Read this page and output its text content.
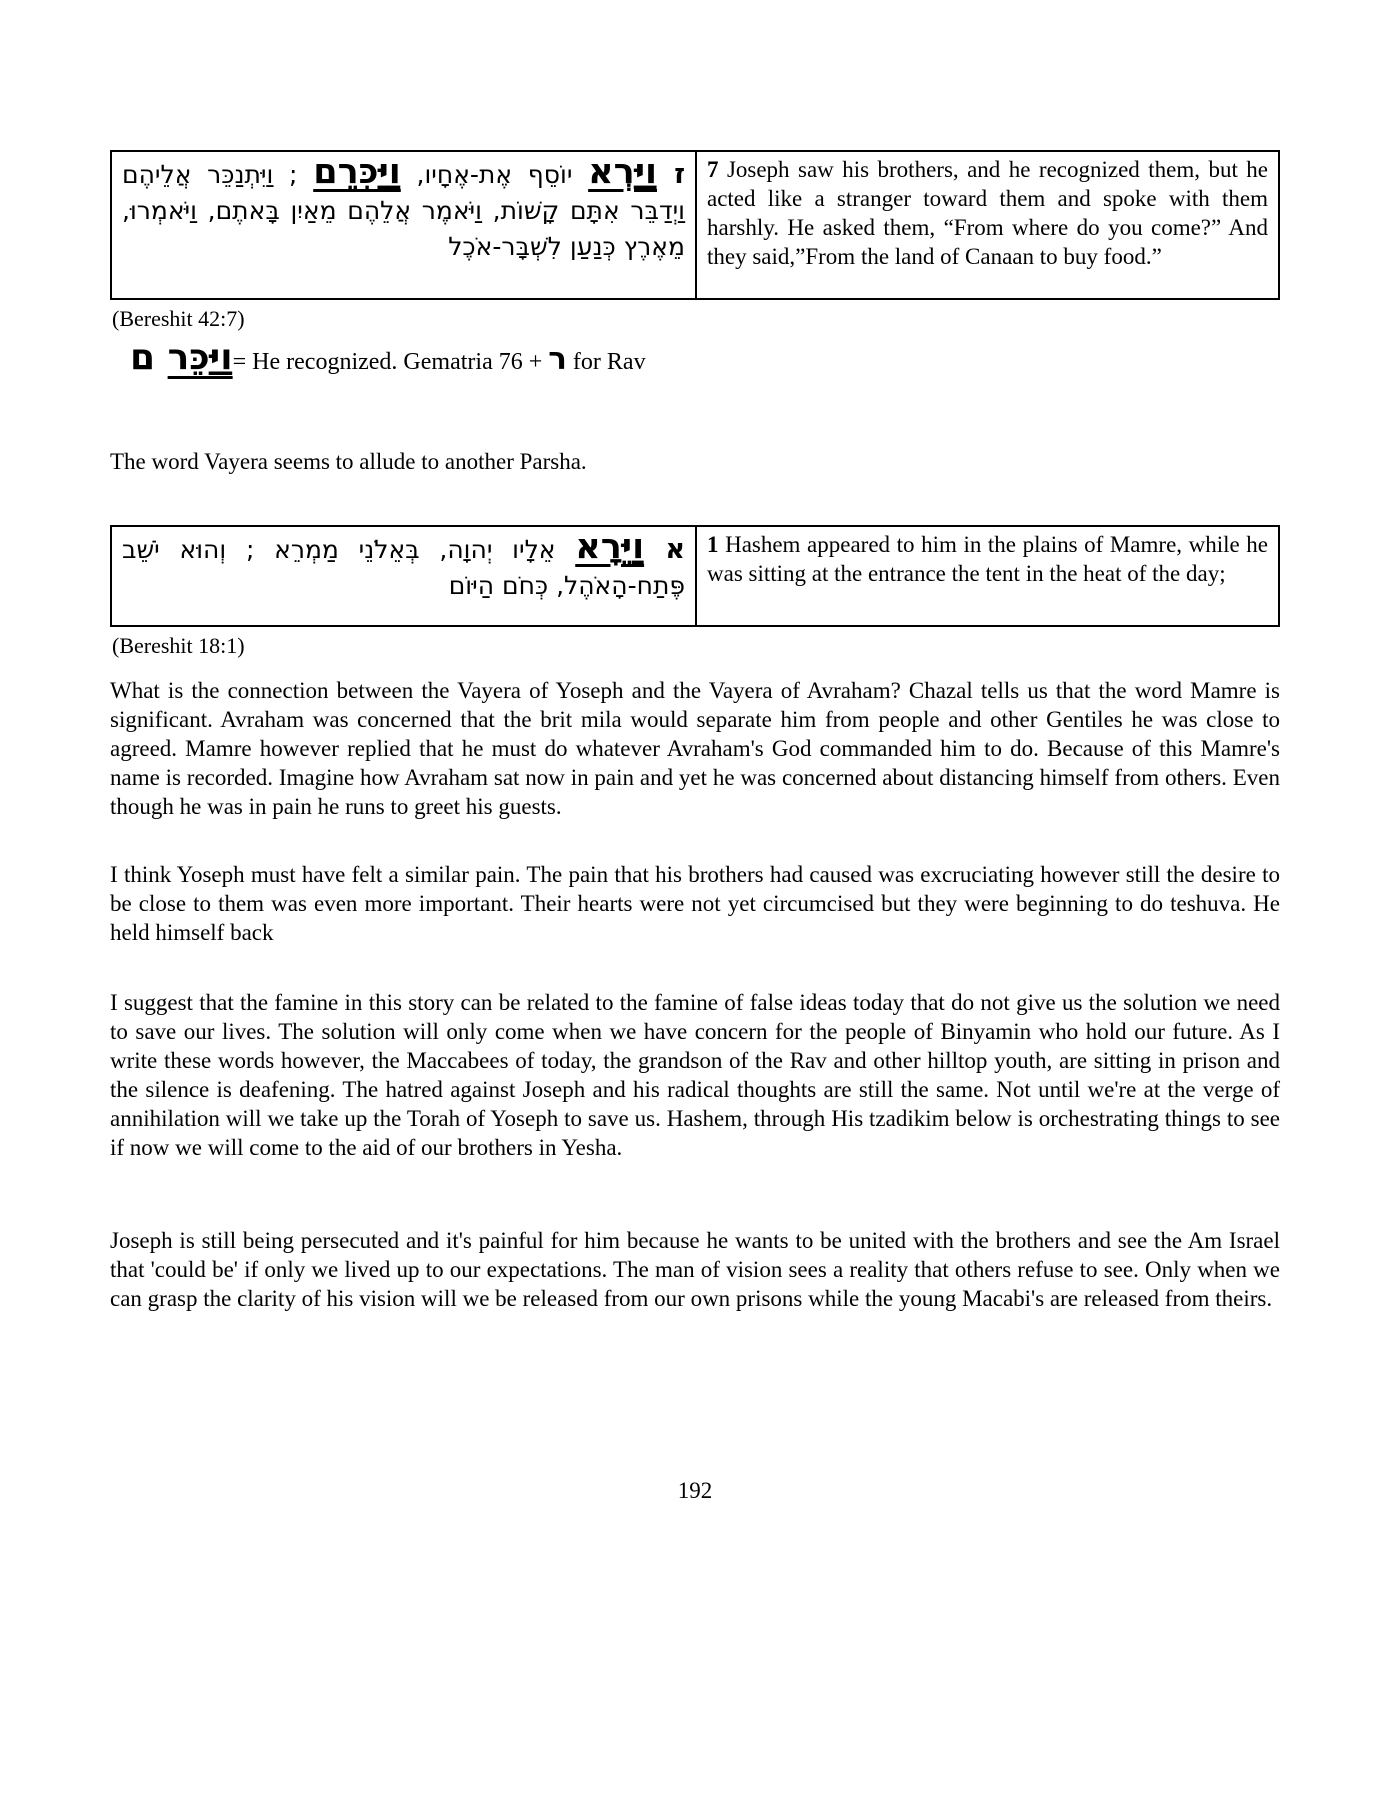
ז וַיַּרְא יוֹסֵף אֶת-אֶחָיו, וַיַּכִּרֵם ; וַיִּתְנַכֵּר אֲלֵיהֶם וַיְדַבֵּר אִתָּם קָשׁוֹת, וַיֹּאמֶר אֲלֵהֶם מֵאַיִן בָּאתֶם, וַיֹּאמְרוּ, מֵאֶרֶץ כְּנַעַן לִשְׁבָּר-אֹכֶל
7 Joseph saw his brothers, and he recognized them, but he acted like a stranger toward them and spoke with them harshly. He asked them, “From where do you come?” And they said,”From the land of Canaan to buy food.”
(Bereshit 42:7)
וַיַּכֵּר ם	= He recognized. Gematria 76 + ר for Rav
The word Vayera seems to allude to another Parsha.
א וַיֵּרָא אֵלָיו יְהוָה, בְּאֵלֹנֵי מַמְרֵא ; וְהוּא יֹשֵׁב פֶּתַח-הָאֹהֶל, כְּחֹם הַיּוֹם
1 Hashem appeared to him in the plains of Mamre, while he was sitting at the entrance the tent in the heat of the day;
(Bereshit 18:1)

What is the connection between the Vayera of Yoseph and the Vayera of Avraham? Chazal tells us that the word Mamre is significant. Avraham was concerned that the brit mila would separate him from people and other Gentiles he was close to agreed. Mamre however replied that he must do whatever Avraham's God commanded him to do. Because of this Mamre's name is recorded. Imagine how Avraham sat now in pain and yet he was concerned about distancing himself from others. Even though he was in pain he runs to greet his guests.

I think Yoseph must have felt a similar pain. The pain that his brothers had caused was excruciating however still the desire to be close to them was even more important. Their hearts were not yet circumcised but they were beginning to do teshuva. He held himself back

I suggest that the famine in this story can be related to the famine of false ideas today that do not give us the solution we need to save our lives. The solution will only come when we have concern for the people of Binyamin who hold our future. As I write these words however, the Maccabees of today, the grandson of the Rav and other hilltop youth, are sitting in prison and the silence is deafening. The hatred against Joseph and his radical thoughts are still the same. Not until we're at the verge of annihilation will we take up the Torah of Yoseph to save us. Hashem, through His tzadikim below is orchestrating things to see if now we will come to the aid of our brothers in Yesha.

Joseph is still being persecuted and it's painful for him because he wants to be united with the brothers and see the Am Israel that 'could be' if only we lived up to our expectations. The man of vision sees a reality that others refuse to see. Only when we can grasp the clarity of his vision will we be released from our own prisons while the young Macabi's are released from theirs.

192
